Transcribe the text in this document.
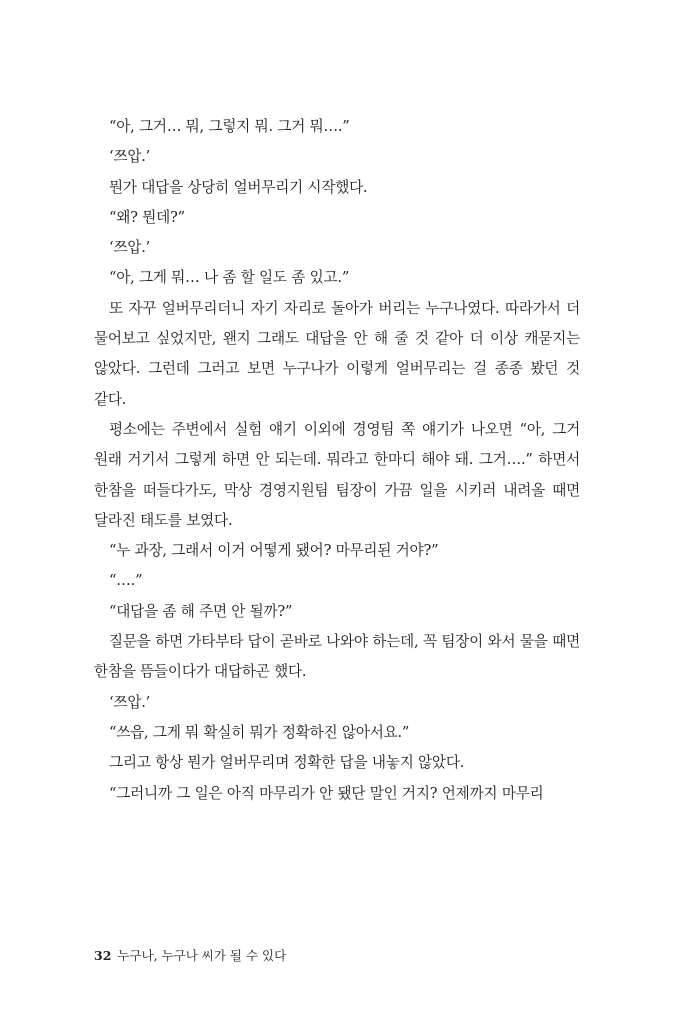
“아, 그거… 뭐, 그렇지 뭐. 그거 뭐….”

‘쯔압.’

뭔가 대답을 상당히 얼버무리기 시작했다.

“왜? 뭔데?”

‘쯔압.’

“아, 그게 뭐… 나 좀 할 일도 좀 있고.”

또 자꾸 얼버무리더니 자기 자리로 돌아가 버리는 누구나였다. 따라가서 더 물어보고 싶었지만, 왠지 그래도 대답을 안 해 줄 것 같아 더 이상 캐묻지는 않았다. 그런데 그러고 보면 누구나가 이렇게 얼버무리는 걸 종종 봤던 것 같다.

평소에는 주변에서 실험 얘기 이외에 경영팀 쪽 얘기가 나오면 “아, 그거 원래 거기서 그렇게 하면 안 되는데. 뭐라고 한마디 해야 돼. 그거….” 하면서 한참을 떠들다가도, 막상 경영지원팀 팀장이 가끔 일을 시키러 내려올 때면 달라진 태도를 보였다.

“누 과장, 그래서 이거 어떻게 됐어? 마무리된 거야?”

“….”

“대답을 좀 해 주면 안 될까?”

질문을 하면 가타부타 답이 곧바로 나와야 하는데, 꼭 팀장이 와서 물을 때면 한참을 뜸들이다가 대답하곤 했다.

‘쯔압.’

“쓰읍, 그게 뭐 확실히 뭐가 정확하진 않아서요.”

그리고 항상 뭔가 얼버무리며 정확한 답을 내놓지 않았다.

“그러니까 그 일은 아직 마무리가 안 됐단 말인 거지? 언제까지 마무리

32 누구나, 누구나 씨가 될 수 있다
